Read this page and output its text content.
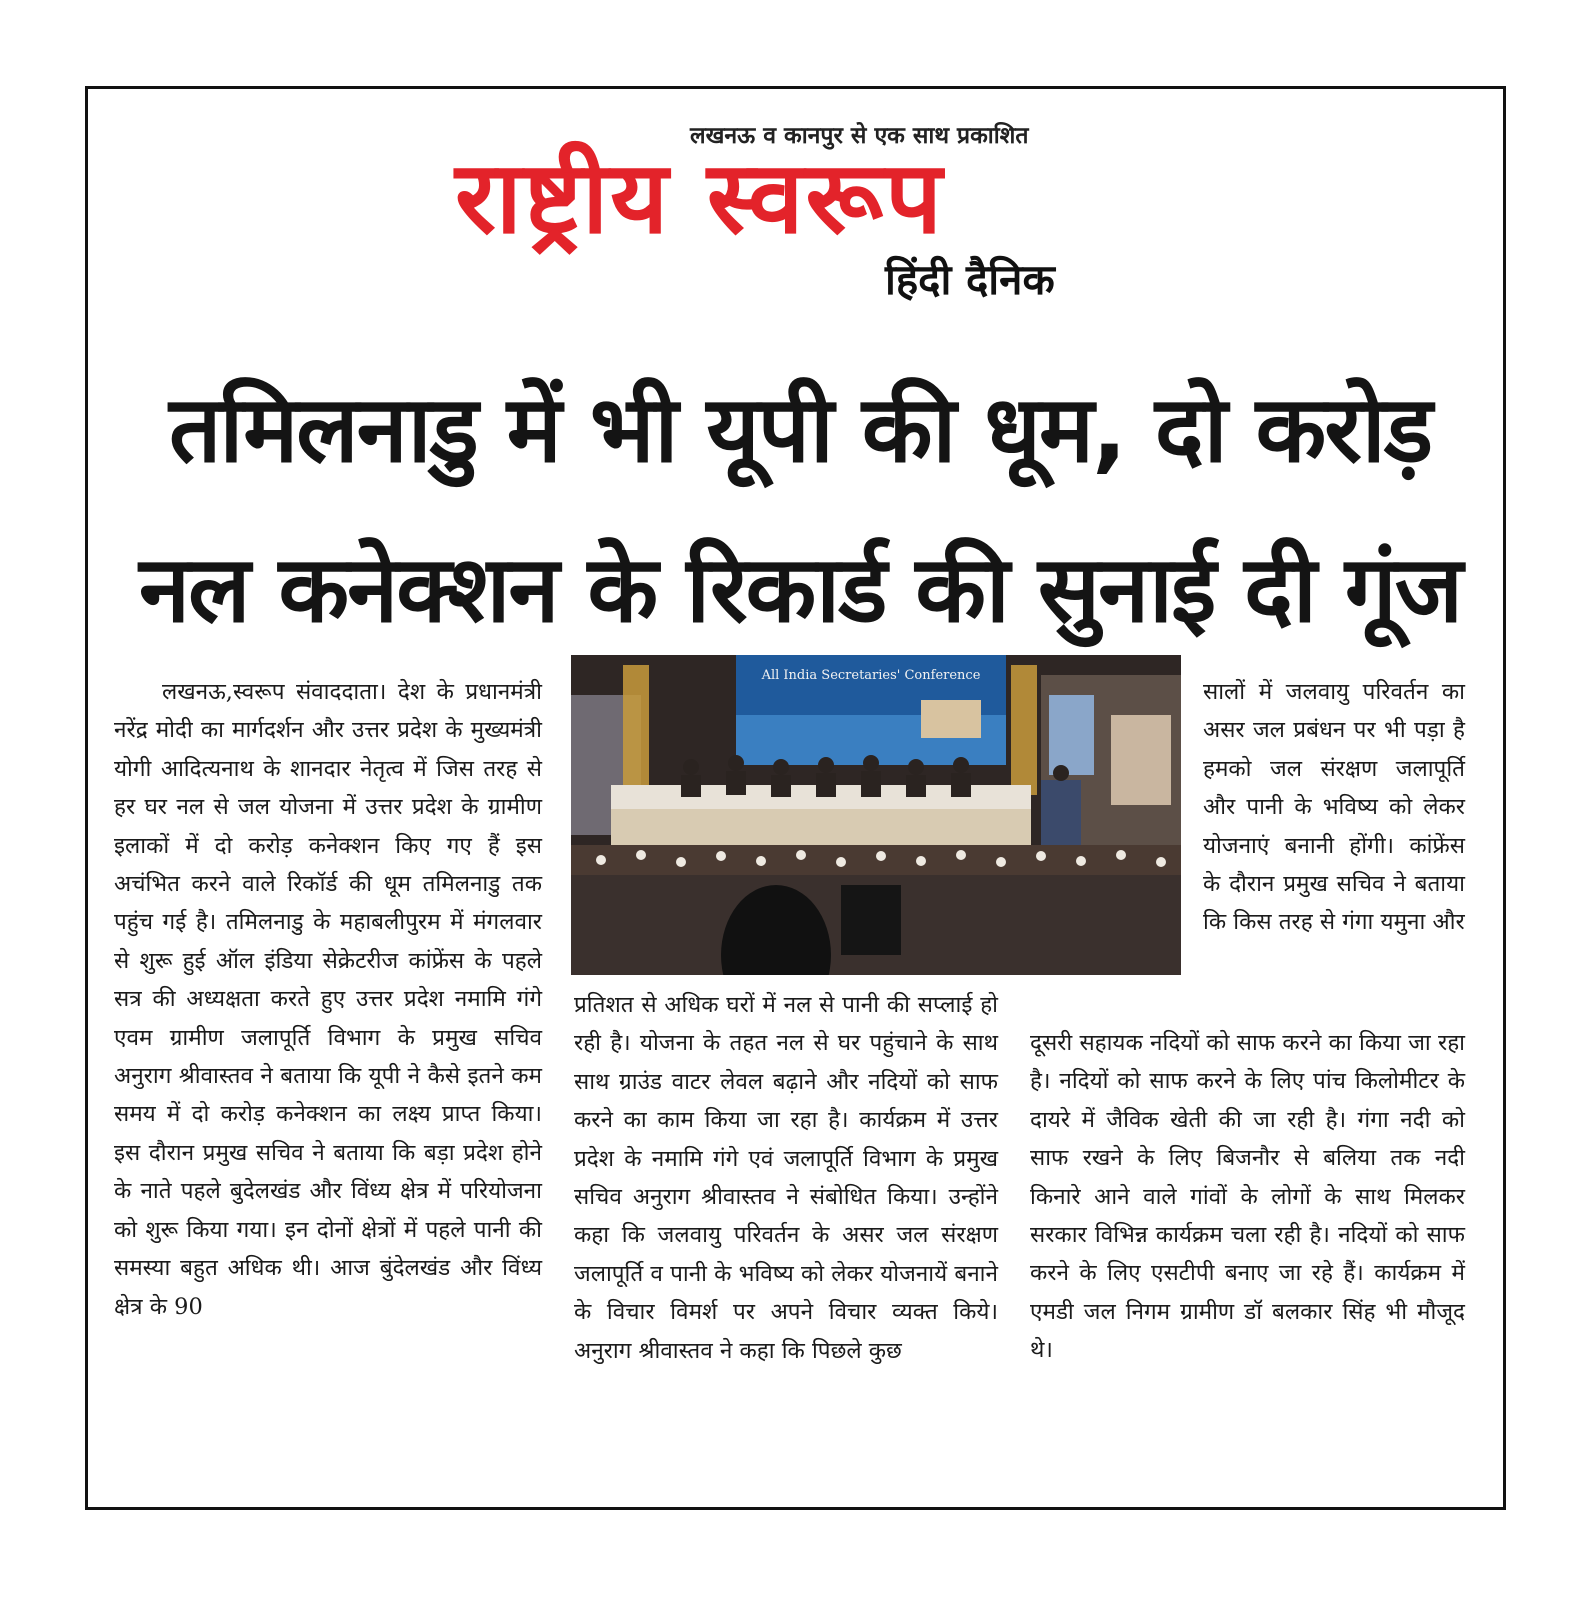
लखनऊ व कानपुर से एक साथ प्रकाशित
राष्ट्रीय स्वरूप
हिंदी दैनिक
तमिलनाडु में भी यूपी की धूम, दो करोड़ नल कनेक्शन के रिकार्ड की सुनाई दी गूंज
लखनऊ,स्वरूप संवाददाता। देश के प्रधानमंत्री नरेंद्र मोदी का मार्गदर्शन और उत्तर प्रदेश के मुख्यमंत्री योगी आदित्यनाथ के शानदार नेतृत्व में जिस तरह से हर घर नल से जल योजना में उत्तर प्रदेश के ग्रामीण इलाकों में दो करोड़ कनेक्शन किए गए हैं इस अचंभित करने वाले रिकॉर्ड की धूम तमिलनाडु तक पहुंच गई है। तमिलनाडु के महाबलीपुरम में मंगलवार से शुरू हुई ऑल इंडिया सेक्रेटरीज कांफ्रेंस के पहले सत्र की अध्यक्षता करते हुए उत्तर प्रदेश नमामि गंगे एवम ग्रामीण जलापूर्ति विभाग के प्रमुख सचिव अनुराग श्रीवास्तव ने बताया कि यूपी ने कैसे इतने कम समय में दो करोड़ कनेक्शन का लक्ष्य प्राप्त किया। इस दौरान प्रमुख सचिव ने बताया कि बड़ा प्रदेश होने के नाते पहले बुदेलखंड और विंध्य क्षेत्र में परियोजना को शुरू किया गया। इन दोनों क्षेत्रों में पहले पानी की समस्या बहुत अधिक थी। आज बुंदेलखंड और विंध्य क्षेत्र के 90
All India Secretaries' Conference
प्रतिशत से अधिक घरों में नल से पानी की सप्लाई हो रही है। योजना के तहत नल से घर पहुंचाने के साथ साथ ग्राउंड वाटर लेवल बढ़ाने और नदियों को साफ करने का काम किया जा रहा है। कार्यक्रम में उत्तर प्रदेश के नमामि गंगे एवं जलापूर्ति विभाग के प्रमुख सचिव अनुराग श्रीवास्तव ने संबोधित किया। उन्होंने कहा कि जलवायु परिवर्तन के असर जल संरक्षण जलापूर्ति व पानी के भविष्य को लेकर योजनायें बनाने के विचार विमर्श पर अपने विचार व्यक्त किये। अनुराग श्रीवास्तव ने कहा कि पिछले कुछ
सालों में जलवायु परिवर्तन का असर जल प्रबंधन पर भी पड़ा है हमको जल संरक्षण जलापूर्ति और पानी के भविष्य को लेकर योजनाएं बनानी होंगी। कांफ्रेंस के दौरान प्रमुख सचिव ने बताया कि किस तरह से गंगा यमुना और
दूसरी सहायक नदियों को साफ करने का किया जा रहा है। नदियों को साफ करने के लिए पांच किलोमीटर के दायरे में जैविक खेती की जा रही है। गंगा नदी को साफ रखने के लिए बिजनौर से बलिया तक नदी किनारे आने वाले गांवों के लोगों के साथ मिलकर सरकार विभिन्न कार्यक्रम चला रही है। नदियों को साफ करने के लिए एसटीपी बनाए जा रहे हैं। कार्यक्रम में एमडी जल निगम ग्रामीण डॉ बलकार सिंह भी मौजूद थे।
